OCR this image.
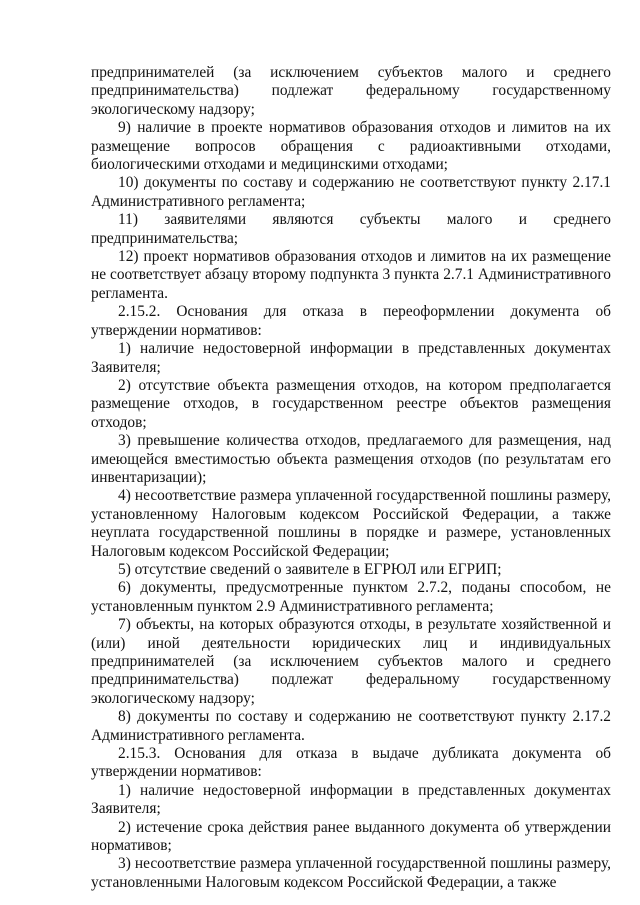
предпринимателей (за исключением субъектов малого и среднего предпринимательства) подлежат федеральному государственному экологическому надзору;

9) наличие в проекте нормативов образования отходов и лимитов на их размещение вопросов обращения с радиоактивными отходами, биологическими отходами и медицинскими отходами;

10) документы по составу и содержанию не соответствуют пункту 2.17.1 Административного регламента;

11) заявителями являются субъекты малого и среднего предпринимательства;

12) проект нормативов образования отходов и лимитов на их размещение не соответствует абзацу второму подпункта 3 пункта 2.7.1 Административного регламента.

2.15.2. Основания для отказа в переоформлении документа об утверждении нормативов:

1) наличие недостоверной информации в представленных документах Заявителя;

2) отсутствие объекта размещения отходов, на котором предполагается размещение отходов, в государственном реестре объектов размещения отходов;

3) превышение количества отходов, предлагаемого для размещения, над имеющейся вместимостью объекта размещения отходов (по результатам его инвентаризации);

4) несоответствие размера уплаченной государственной пошлины размеру, установленному Налоговым кодексом Российской Федерации, а также неуплата государственной пошлины в порядке и размере, установленных Налоговым кодексом Российской Федерации;

5) отсутствие сведений о заявителе в ЕГРЮЛ или ЕГРИП;

6) документы, предусмотренные пунктом 2.7.2, поданы способом, не установленным пунктом 2.9 Административного регламента;

7) объекты, на которых образуются отходы, в результате хозяйственной и (или) иной деятельности юридических лиц и индивидуальных предпринимателей (за исключением субъектов малого и среднего предпринимательства) подлежат федеральному государственному экологическому надзору;

8) документы по составу и содержанию не соответствуют пункту 2.17.2 Административного регламента.

2.15.3. Основания для отказа в выдаче дубликата документа об утверждении нормативов:

1) наличие недостоверной информации в представленных документах Заявителя;

2) истечение срока действия ранее выданного документа об утверждении нормативов;

3) несоответствие размера уплаченной государственной пошлины размеру, установленными Налоговым кодексом Российской Федерации, а также
